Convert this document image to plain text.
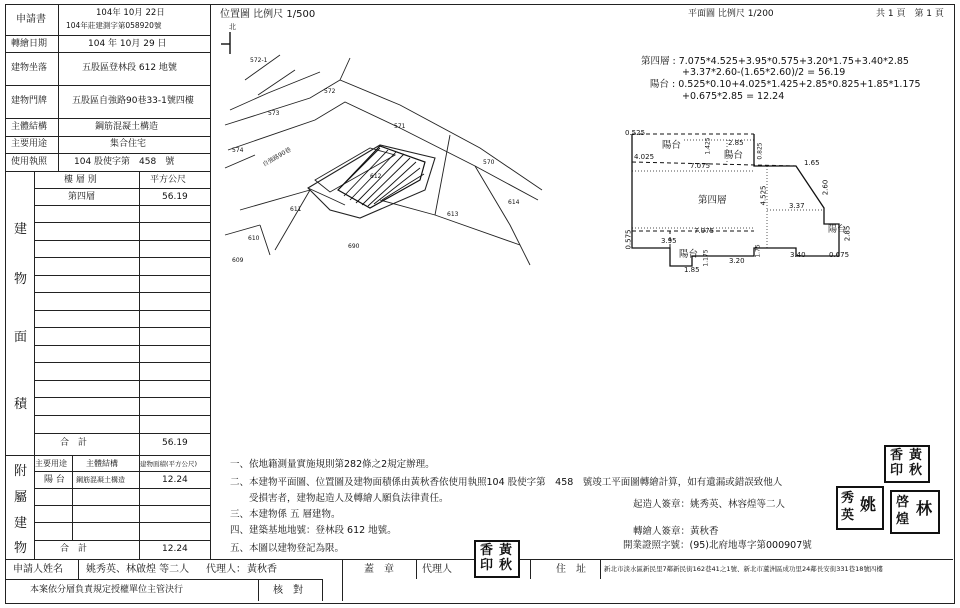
申請書
104年 10月 22日
104年莊建測字第058920號
轉繪日期	104 年 10月 29 日
建物坐落	五股區登林段 612 地號
建物門牌	五股區自強路90巷33-1號四樓
主體結構	鋼筋混凝土構造
主要用途	集合住宅
使用執照	104 股使字第　458　號
樓 層 別	平方公尺
第四層	56.19
建
物
面
積
合　計	56.19
主要用途 主體結構	建物面積(平方公尺)
陽 台 鋼筋混凝土構造	12.24
附
屬
建
物	合　計	12.24
位置圖 比例尺 1/500
北
572-1
572
573
571
574
570
612
614
611
613
610
690
609
自強路90巷
平面圖 比例尺 1/200	共 1 頁　第 1 頁
第四層 : 7.075*4.525+3.95*0.575+3.20*1.75+3.40*2.85
+3.37*2.60-(1.65*2.60)/2 = 56.19
陽台 : 0.525*0.10+4.025*1.425+2.85*0.825+1.85*1.175
+0.675*2.85 = 12.24
第四層
陽台
陽台
陽台
陽台
0.525
4.025
2.85
1.425	0.825
7.075	1.65
2.60
4.525
3.37
2.85
0.575	7.075
3.95
1.175	1.75
3.20
3.40	0.675
1.85
一、依地籍測量實施規則第282條之2規定辦理。
二、本建物平面圖、位置圖及建物面積係由黃秋香依使用執照104 股使字第　458　號竣工平面圖轉繪計算，如有遺漏或錯誤致他人
受損害者，建物起造人及轉繪人願負法律責任。
三、本建物係 五 層建物。
四、建築基地地號：登林段 612 地號。
五、本圖以建物登記為限。
起造人簽章：姚秀英、林容煌等二人
轉繪人簽章：黃秋香
開業證照字號：(95)北府地專字第000907號
香 黃
印 秋
秀 姚
英
啓 林
煌
香 黃
印 秋
申請人姓名 姚秀英、林啟煌 等二人 代理人： 黃秋香	蓋　章	代理人	住　址	新北市淡水區新民里7鄰新民街162巷41之1號、新北市蘆洲區成功里24鄰長安街331巷18號四樓
本案依分層負責規定授權單位主管決行	核　對
